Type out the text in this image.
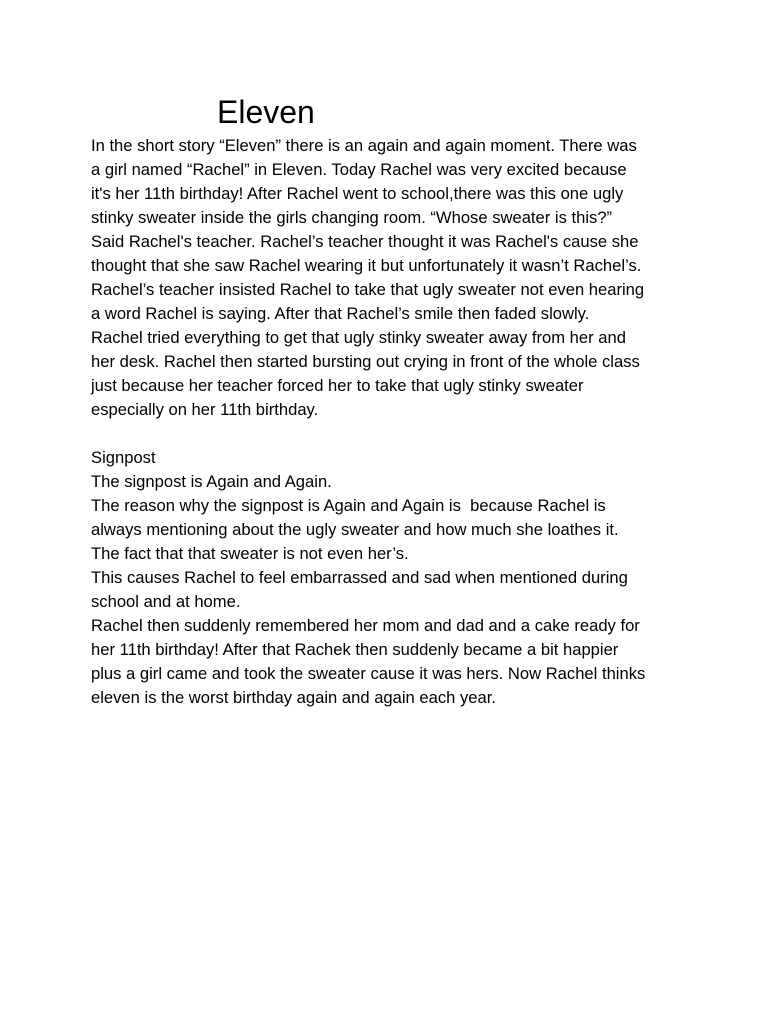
Eleven
In the short story “Eleven” there is an again and again moment. There was
a girl named “Rachel” in Eleven. Today Rachel was very excited because
it's her 11th birthday! After Rachel went to school,there was this one ugly
stinky sweater inside the girls changing room. “Whose sweater is this?”
Said Rachel's teacher. Rachel’s teacher thought it was Rachel's cause she
thought that she saw Rachel wearing it but unfortunately it wasn’t Rachel’s.
Rachel’s teacher insisted Rachel to take that ugly sweater not even hearing
a word Rachel is saying. After that Rachel’s smile then faded slowly.
Rachel tried everything to get that ugly stinky sweater away from her and
her desk. Rachel then started bursting out crying in front of the whole class
just because her teacher forced her to take that ugly stinky sweater
especially on her 11th birthday.
Signpost
The signpost is Again and Again.
The reason why the signpost is Again and Again is  because Rachel is
always mentioning about the ugly sweater and how much she loathes it.
The fact that that sweater is not even her’s.
This causes Rachel to feel embarrassed and sad when mentioned during
school and at home.
Rachel then suddenly remembered her mom and dad and a cake ready for
her 11th birthday! After that Rachek then suddenly became a bit happier
plus a girl came and took the sweater cause it was hers. Now Rachel thinks
eleven is the worst birthday again and again each year.
